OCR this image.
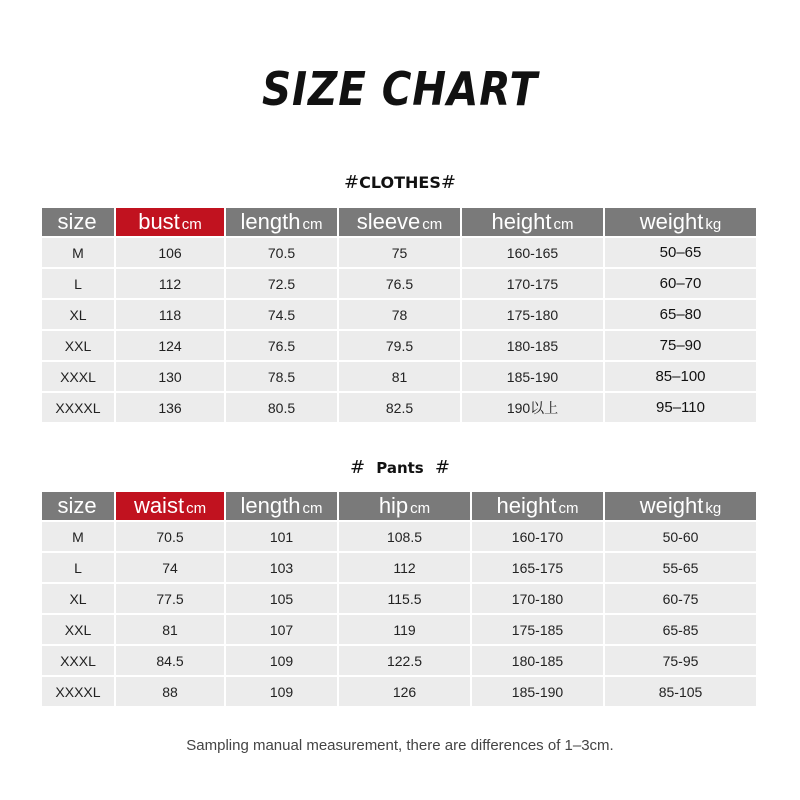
SIZE CHART
#CLOTHES#
size	bust cm	length cm	sleeve cm	height cm	weight kg
M	106	70.5	75	160-165	50–65
L	112	72.5	76.5	170-175	60–70
XL	118	74.5	78	175-180	65–80
XXL	124	76.5	79.5	180-185	75–90
XXXL	130	78.5	81	185-190	85–100
XXXXL	136	80.5	82.5	190以上	95–110
# Pants #
size	waist cm	length cm	hip cm	height cm	weight kg
M	70.5	101	108.5	160-170	50-60
L	74	103	112	165-175	55-65
XL	77.5	105	115.5	170-180	60-75
XXL	81	107	119	175-185	65-85
XXXL	84.5	109	122.5	180-185	75-95
XXXXL	88	109	126	185-190	85-105
Sampling manual measurement, there are differences of 1–3cm.
